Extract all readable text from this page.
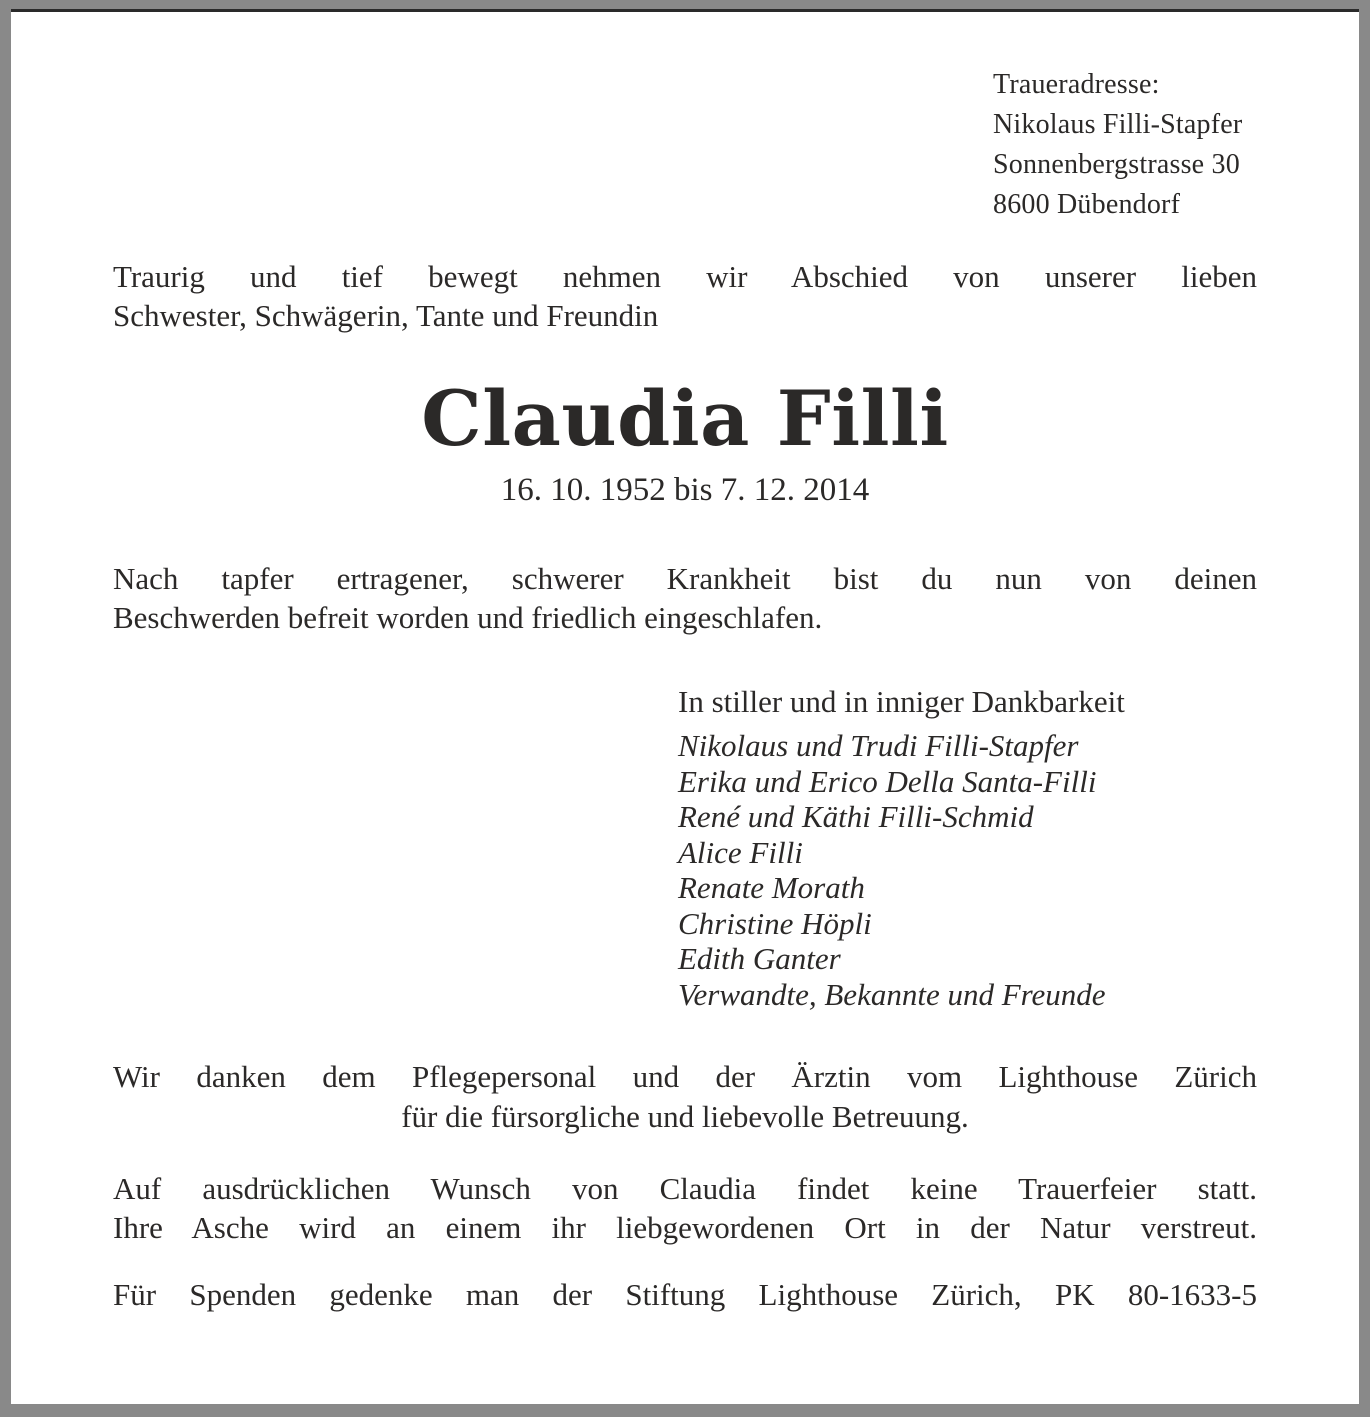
Traueradresse:
Nikolaus Filli-Stapfer
Sonnenbergstrasse 30
8600 Dübendorf
Traurig und tief bewegt nehmen wir Abschied von unserer lieben
Schwester, Schwägerin, Tante und Freundin
Claudia Filli
16. 10. 1952 bis 7. 12. 2014
Nach tapfer ertragener, schwerer Krankheit bist du nun von deinen
Beschwerden befreit worden und friedlich eingeschlafen.
In stiller und in inniger Dankbarkeit
Nikolaus und Trudi Filli-Stapfer
Erika und Erico Della Santa-Filli
René und Käthi Filli-Schmid
Alice Filli
Renate Morath
Christine Höpli
Edith Ganter
Verwandte, Bekannte und Freunde
Wir danken dem Pflegepersonal und der Ärztin vom Lighthouse Zürich
für die fürsorgliche und liebevolle Betreuung.
Auf ausdrücklichen Wunsch von Claudia findet keine Trauerfeier statt.
Ihre Asche wird an einem ihr liebgewordenen Ort in der Natur verstreut.
Für Spenden gedenke man der Stiftung Lighthouse Zürich, PK 80-1633-5
